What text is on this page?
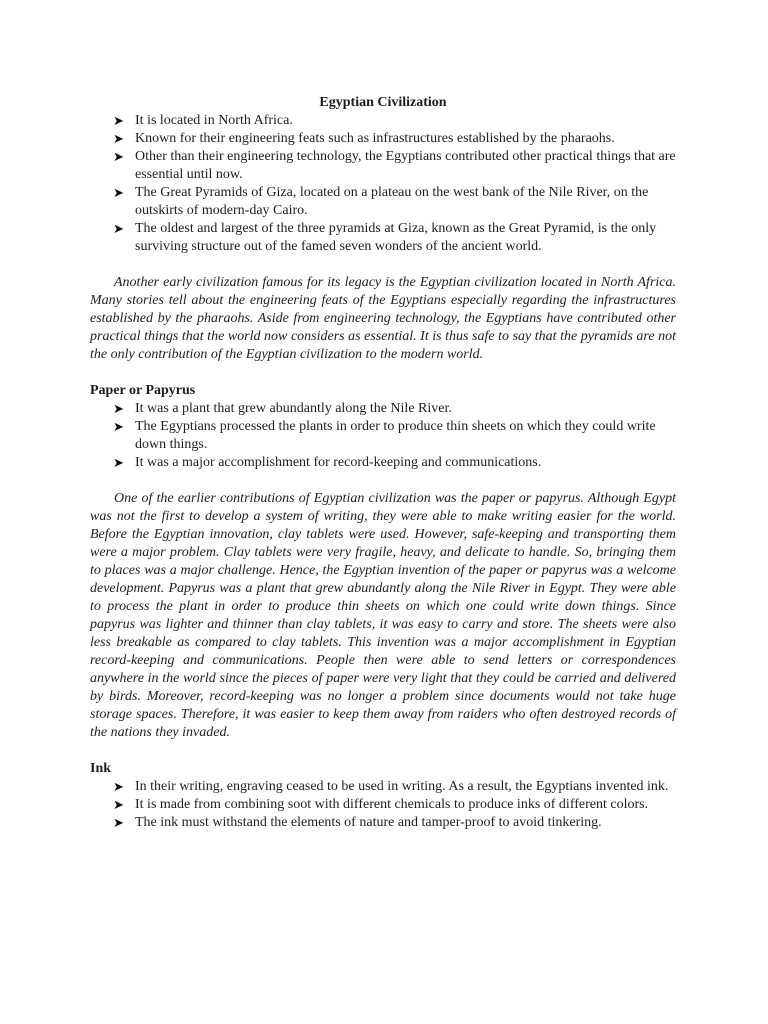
Egyptian Civilization

➤ It is located in North Africa.
➤ Known for their engineering feats such as infrastructures established by the pharaohs.
➤ Other than their engineering technology, the Egyptians contributed other practical things that are essential until now.
➤ The Great Pyramids of Giza, located on a plateau on the west bank of the Nile River, on the outskirts of modern-day Cairo.
➤ The oldest and largest of the three pyramids at Giza, known as the Great Pyramid, is the only surviving structure out of the famed seven wonders of the ancient world.

Another early civilization famous for its legacy is the Egyptian civilization located in North Africa. Many stories tell about the engineering feats of the Egyptians especially regarding the infrastructures established by the pharaohs. Aside from engineering technology, the Egyptians have contributed other practical things that the world now considers as essential. It is thus safe to say that the pyramids are not the only contribution of the Egyptian civilization to the modern world.

Paper or Papyrus

➤ It was a plant that grew abundantly along the Nile River.
➤ The Egyptians processed the plants in order to produce thin sheets on which they could write down things.
➤ It was a major accomplishment for record-keeping and communications.

One of the earlier contributions of Egyptian civilization was the paper or papyrus. Although Egypt was not the first to develop a system of writing, they were able to make writing easier for the world. Before the Egyptian innovation, clay tablets were used. However, safe-keeping and transporting them were a major problem. Clay tablets were very fragile, heavy, and delicate to handle. So, bringing them to places was a major challenge. Hence, the Egyptian invention of the paper or papyrus was a welcome development. Papyrus was a plant that grew abundantly along the Nile River in Egypt. They were able to process the plant in order to produce thin sheets on which one could write down things. Since papyrus was lighter and thinner than clay tablets, it was easy to carry and store. The sheets were also less breakable as compared to clay tablets. This invention was a major accomplishment in Egyptian record-keeping and communications. People then were able to send letters or correspondences anywhere in the world since the pieces of paper were very light that they could be carried and delivered by birds. Moreover, record-keeping was no longer a problem since documents would not take huge storage spaces. Therefore, it was easier to keep them away from raiders who often destroyed records of the nations they invaded.

Ink

➤ In their writing, engraving ceased to be used in writing. As a result, the Egyptians invented ink.
➤ It is made from combining soot with different chemicals to produce inks of different colors.
➤ The ink must withstand the elements of nature and tamper-proof to avoid tinkering.
